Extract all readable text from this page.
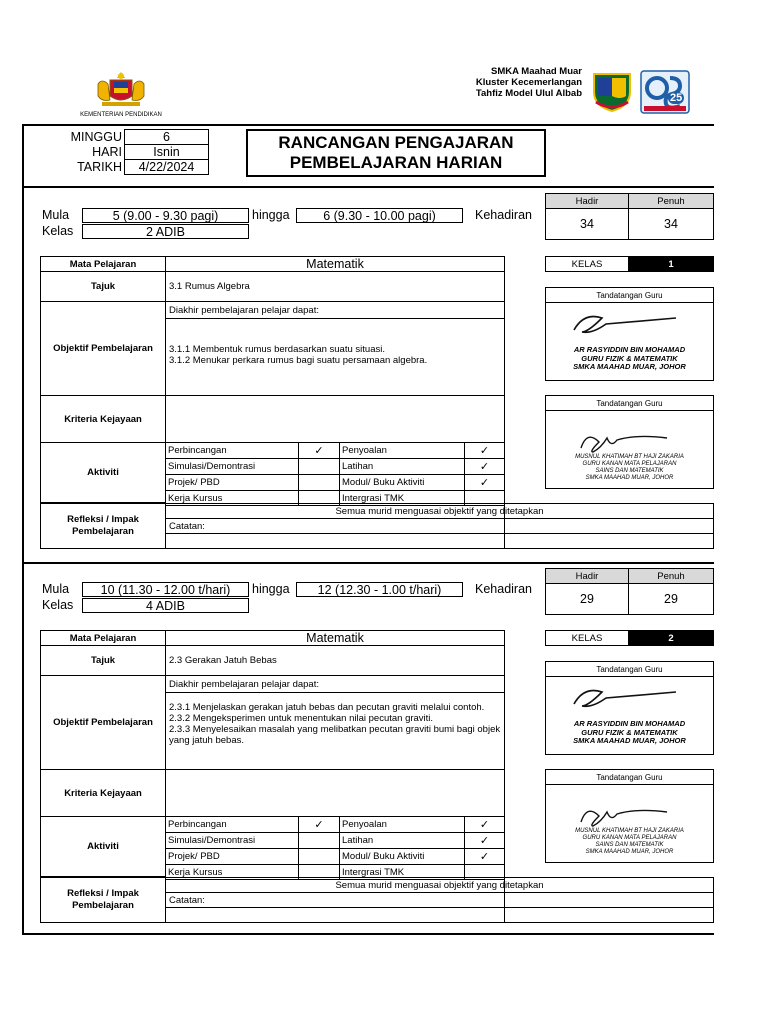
KEMENTERIAN PENDIDIKAN
SMKA Maahad Muar
Kluster Kecemerlangan
Tahfiz Model Ulul Albab	25
MINGGU	6
HARI	Isnin
TARIKH	4/22/2024
RANCANGAN PENGAJARAN
PEMBELAJARAN HARIAN
Mula	5 (9.00 - 9.30 pagi)	hingga	6 (9.30 - 10.00 pagi)	Kehadiran
Kelas	2 ADIB
Hadir	Penuh
34	34
KELAS	1
Mata Pelajaran	Matematik
Tajuk	3.1 Rumus Algebra
Objektif Pembelajaran
Diakhir pembelajaran pelajar dapat:
3.1.1 Membentuk rumus berdasarkan suatu situasi.
3.1.2 Menukar perkara rumus bagi suatu persamaan algebra.
Kriteria Kejayaan
Aktiviti
Perbincangan	✓	Penyoalan	✓
Simulasi/Demontrasi		Latihan	✓
Projek/ PBD		Modul/ Buku Aktiviti	✓
Kerja Kursus		Intergrasi TMK	
Refleksi / Impak Pembelajaran
Semua murid menguasai objektif yang ditetapkan
Catatan:
Tandatangan Guru
AR RASYIDDIN BIN MOHAMAD
GURU FIZIK & MATEMATIK
SMKA MAAHAD MUAR, JOHOR
Tandatangan Guru
MUSNUL KHATIMAH BT HAJI ZAKARIA
GURU KANAN MATA PELAJARAN
SAINS DAN MATEMATIK
SMKA MAAHAD MUAR, JOHOR
Mula	10 (11.30 - 12.00 t/hari)	hingga	12 (12.30 - 1.00 t/hari)	Kehadiran
Kelas	4 ADIB
Hadir	Penuh
29	29
KELAS	2
Mata Pelajaran	Matematik
Tajuk	2.3 Gerakan Jatuh Bebas
Objektif Pembelajaran
Diakhir pembelajaran pelajar dapat:
2.3.1 Menjelaskan gerakan jatuh bebas dan pecutan graviti melalui contoh.
2.3.2 Mengeksperimen untuk menentukan nilai pecutan graviti.
2.3.3 Menyelesaikan masalah yang melibatkan pecutan graviti bumi bagi objek yang jatuh bebas.
Kriteria Kejayaan
Aktiviti
Perbincangan	✓	Penyoalan	✓
Simulasi/Demontrasi		Latihan	✓
Projek/ PBD		Modul/ Buku Aktiviti	✓
Kerja Kursus		Intergrasi TMK	
Refleksi / Impak Pembelajaran
Semua murid menguasai objektif yang ditetapkan
Catatan:
Tandatangan Guru
AR RASYIDDIN BIN MOHAMAD
GURU FIZIK & MATEMATIK
SMKA MAAHAD MUAR, JOHOR
Tandatangan Guru
MUSNUL KHATIMAH BT HAJI ZAKARIA
GURU KANAN MATA PELAJARAN
SAINS DAN MATEMATIK
SMKA MAAHAD MUAR, JOHOR
